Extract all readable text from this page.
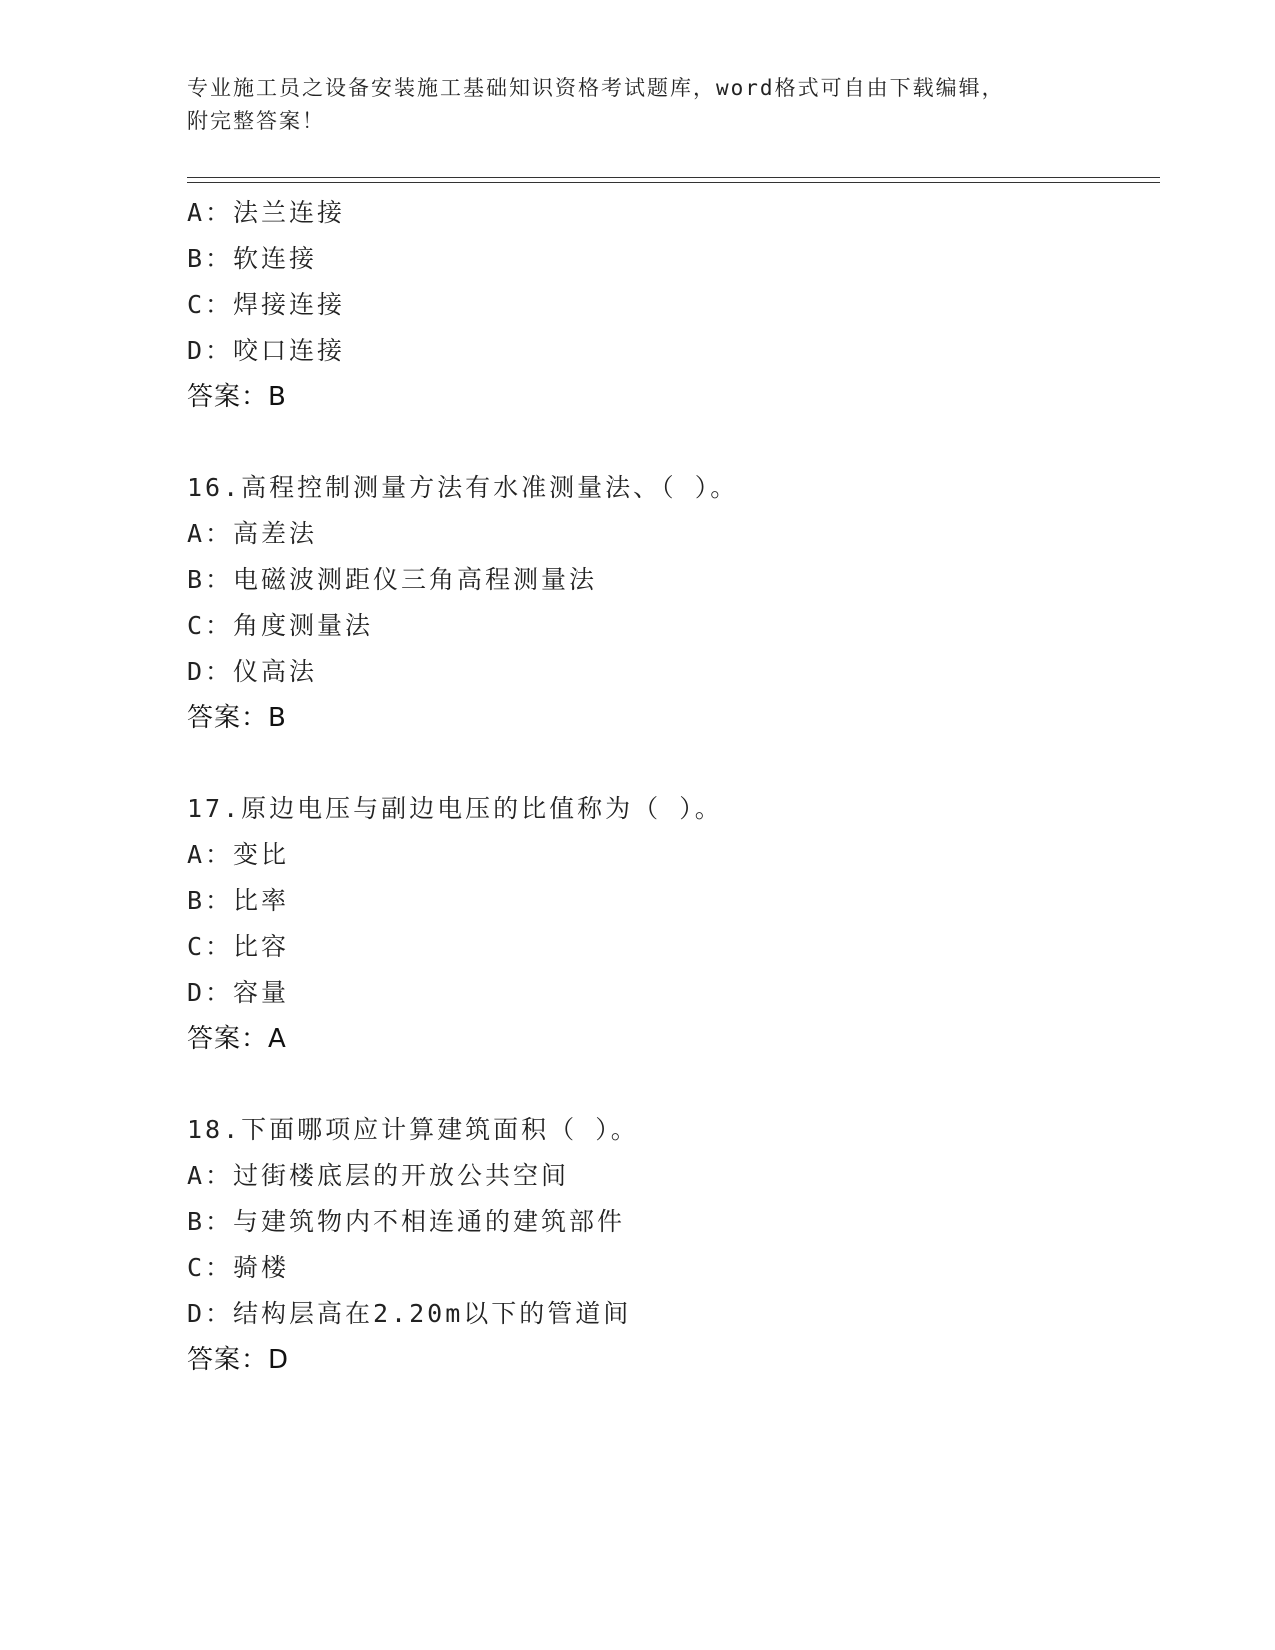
专业施工员之设备安装施工基础知识资格考试题库，word格式可自由下载编辑，
附完整答案！
A：法兰连接
B：软连接
C：焊接连接
D：咬口连接
答案：B
16.高程控制测量方法有水准测量法、（ ）。
A：高差法
B：电磁波测距仪三角高程测量法
C：角度测量法
D：仪高法
答案：B
17.原边电压与副边电压的比值称为（ ）。
A：变比
B：比率
C：比容
D：容量
答案：A
18.下面哪项应计算建筑面积（ ）。
A：过街楼底层的开放公共空间
B：与建筑物内不相连通的建筑部件
C：骑楼
D：结构层高在2.20m以下的管道间
答案：D
